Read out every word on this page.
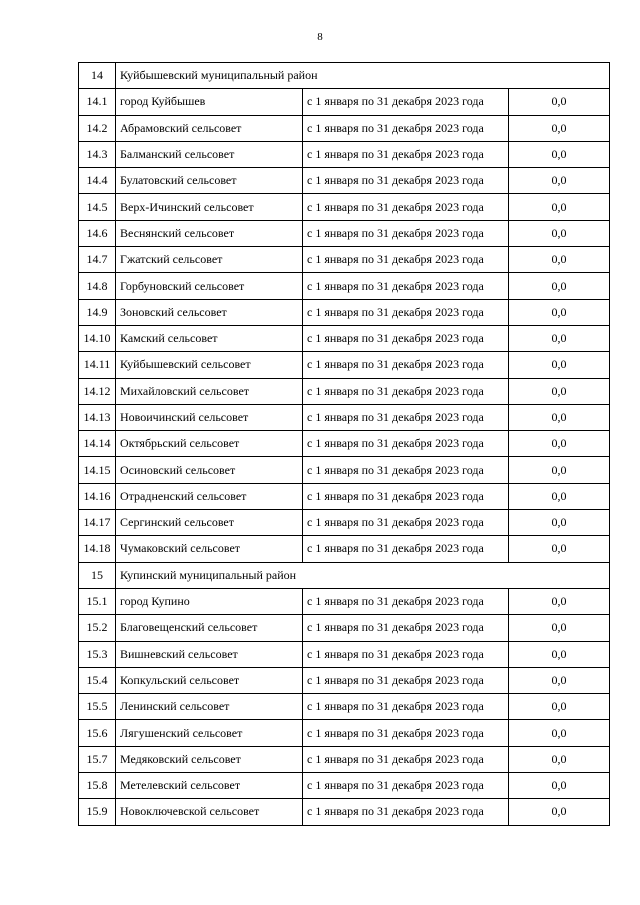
8
14	Куйбышевский муниципальный район		
14.1	город Куйбышев	с 1 января по 31 декабря 2023 года	0,0
14.2	Абрамовский сельсовет	с 1 января по 31 декабря 2023 года	0,0
14.3	Балманский сельсовет	с 1 января по 31 декабря 2023 года	0,0
14.4	Булатовский сельсовет	с 1 января по 31 декабря 2023 года	0,0
14.5	Верх-Ичинский сельсовет	с 1 января по 31 декабря 2023 года	0,0
14.6	Веснянский сельсовет	с 1 января по 31 декабря 2023 года	0,0
14.7	Гжатский сельсовет	с 1 января по 31 декабря 2023 года	0,0
14.8	Горбуновский сельсовет	с 1 января по 31 декабря 2023 года	0,0
14.9	Зоновский сельсовет	с 1 января по 31 декабря 2023 года	0,0
14.10	Камский сельсовет	с 1 января по 31 декабря 2023 года	0,0
14.11	Куйбышевский сельсовет	с 1 января по 31 декабря 2023 года	0,0
14.12	Михайловский сельсовет	с 1 января по 31 декабря 2023 года	0,0
14.13	Новоичинский сельсовет	с 1 января по 31 декабря 2023 года	0,0
14.14	Октябрьский сельсовет	с 1 января по 31 декабря 2023 года	0,0
14.15	Осиновский сельсовет	с 1 января по 31 декабря 2023 года	0,0
14.16	Отрадненский сельсовет	с 1 января по 31 декабря 2023 года	0,0
14.17	Сергинский сельсовет	с 1 января по 31 декабря 2023 года	0,0
14.18	Чумаковский сельсовет	с 1 января по 31 декабря 2023 года	0,0
15	Купинский муниципальный район		
15.1	город Купино	с 1 января по 31 декабря 2023 года	0,0
15.2	Благовещенский сельсовет	с 1 января по 31 декабря 2023 года	0,0
15.3	Вишневский сельсовет	с 1 января по 31 декабря 2023 года	0,0
15.4	Копкульский сельсовет	с 1 января по 31 декабря 2023 года	0,0
15.5	Ленинский сельсовет	с 1 января по 31 декабря 2023 года	0,0
15.6	Лягушенский сельсовет	с 1 января по 31 декабря 2023 года	0,0
15.7	Медяковский сельсовет	с 1 января по 31 декабря 2023 года	0,0
15.8	Метелевский сельсовет	с 1 января по 31 декабря 2023 года	0,0
15.9	Новоключевской сельсовет	с 1 января по 31 декабря 2023 года	0,0
